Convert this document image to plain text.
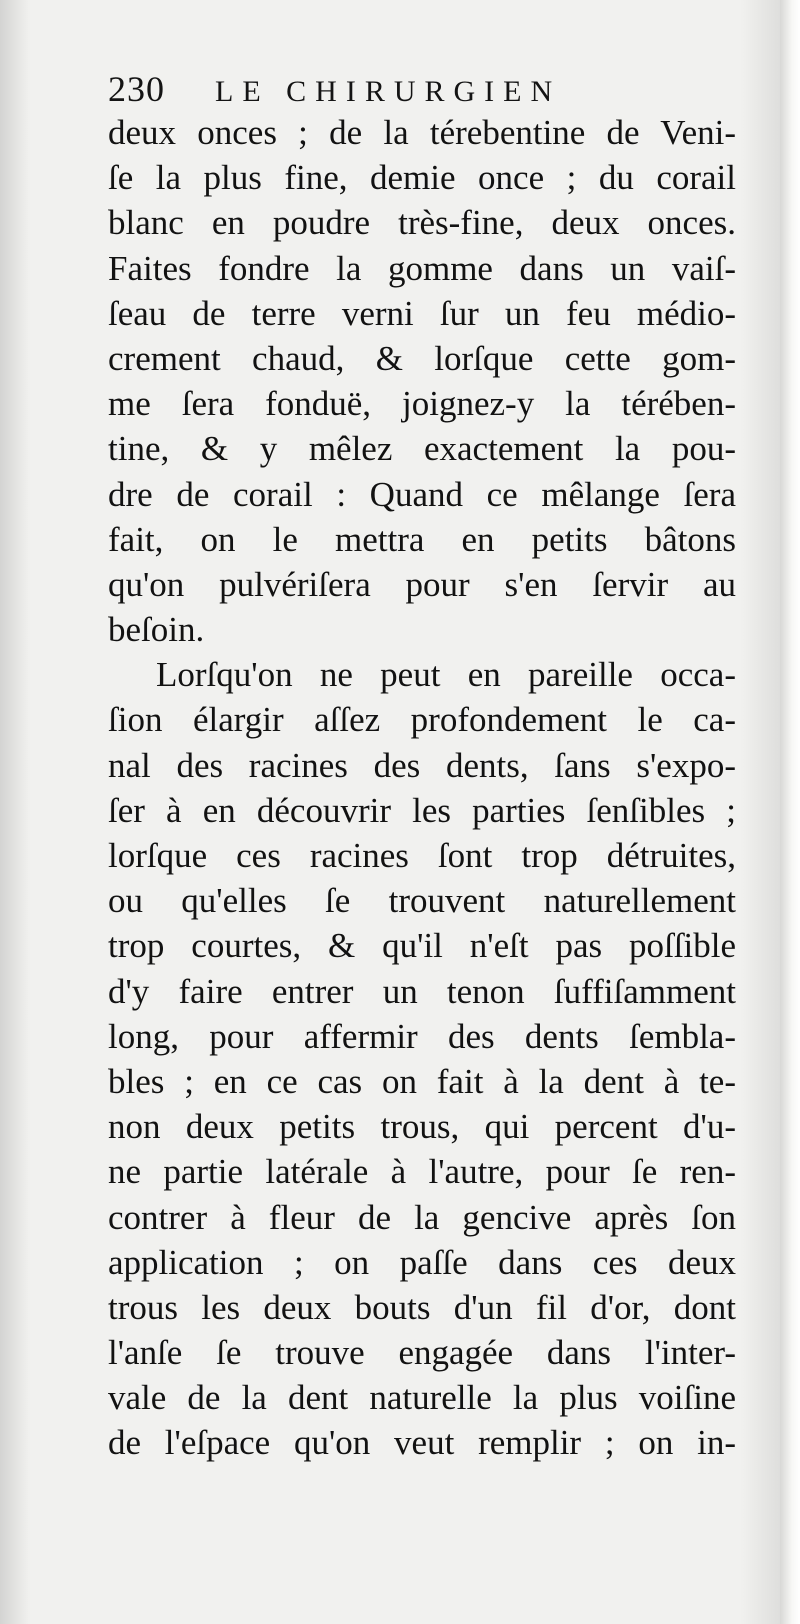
230 LE CHIRURGIEN
deux onces ; de la térebentine de Veni-
ſe la plus fine, demie once ; du corail
blanc en poudre très-fine, deux onces.
Faites fondre la gomme dans un vaiſ-
ſeau de terre verni ſur un feu médio-
crement chaud, & lorſque cette gom-
me ſera fonduë, joignez-y la térében-
tine, & y mêlez exactement la pou-
dre de corail : Quand ce mêlange ſera
fait, on le mettra en petits bâtons
qu'on pulvériſera pour s'en ſervir au
beſoin.
Lorſqu'on ne peut en pareille occa-
ſion élargir aſſez profondement le ca-
nal des racines des dents, ſans s'expo-
ſer à en découvrir les parties ſenſibles ;
lorſque ces racines ſont trop détruites,
ou qu'elles ſe trouvent naturellement
trop courtes, & qu'il n'eſt pas poſſible
d'y faire entrer un tenon ſuffiſamment
long, pour affermir des dents ſembla-
bles ; en ce cas on fait à la dent à te-
non deux petits trous, qui percent d'u-
ne partie latérale à l'autre, pour ſe ren-
contrer à fleur de la gencive après ſon
application ; on paſſe dans ces deux
trous les deux bouts d'un fil d'or, dont
l'anſe ſe trouve engagée dans l'inter-
vale de la dent naturelle la plus voiſine
de l'eſpace qu'on veut remplir ; on in-
